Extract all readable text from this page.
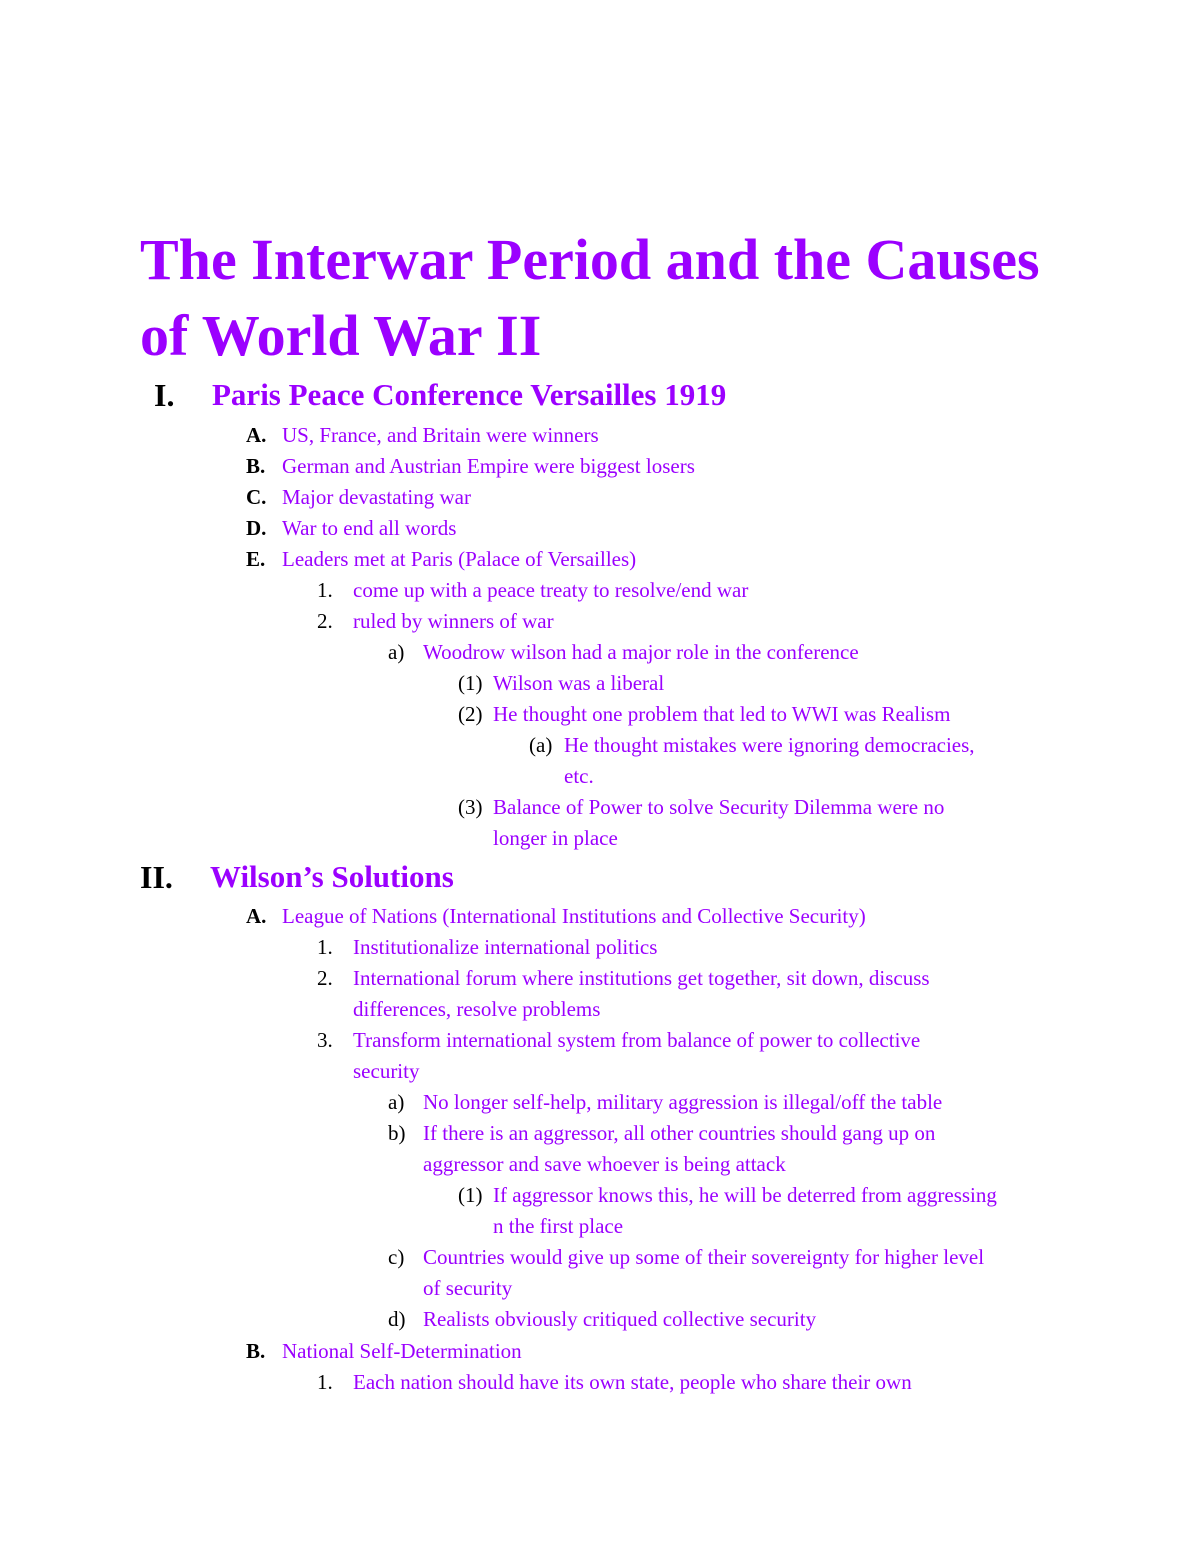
The Interwar Period and the Causes
of World War II
I. Paris Peace Conference Versailles 1919
A. US, France, and Britain were winners
B. German and Austrian Empire were biggest losers
C. Major devastating war
D. War to end all words
E. Leaders met at Paris (Palace of Versailles)
1. come up with a peace treaty to resolve/end war
2. ruled by winners of war
a) Woodrow wilson had a major role in the conference
(1) Wilson was a liberal
(2) He thought one problem that led to WWI was Realism
(a) He thought mistakes were ignoring democracies,
etc.
(3) Balance of Power to solve Security Dilemma were no
longer in place
II. Wilson’s Solutions
A. League of Nations (International Institutions and Collective Security)
1. Institutionalize international politics
2. International forum where institutions get together, sit down, discuss
differences, resolve problems
3. Transform international system from balance of power to collective
security
a) No longer self-help, military aggression is illegal/off the table
b) If there is an aggressor, all other countries should gang up on
aggressor and save whoever is being attack
(1) If aggressor knows this, he will be deterred from aggressing
n the first place
c) Countries would give up some of their sovereignty for higher level
of security
d) Realists obviously critiqued collective security
B. National Self-Determination
1. Each nation should have its own state, people who share their own
